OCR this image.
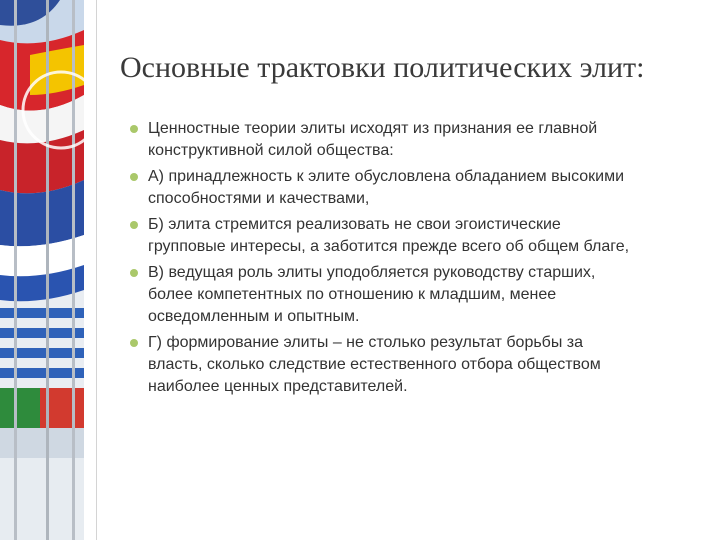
Основные трактовки политических элит:
Ценностные теории элиты исходят из признания ее главной
конструктивной силой общества:
А) принадлежность к элите обусловлена обладанием высокими
способностями и качествами,
Б) элита стремится реализовать не свои эгоистические
групповые интересы, а заботится прежде всего об общем благе,
В) ведущая роль элиты уподобляется руководству старших,
более компетентных по отношению к младшим, менее
осведомленным и опытным.
Г) формирование элиты – не столько результат борьбы за
власть, сколько следствие естественного отбора обществом
наиболее ценных представителей.
